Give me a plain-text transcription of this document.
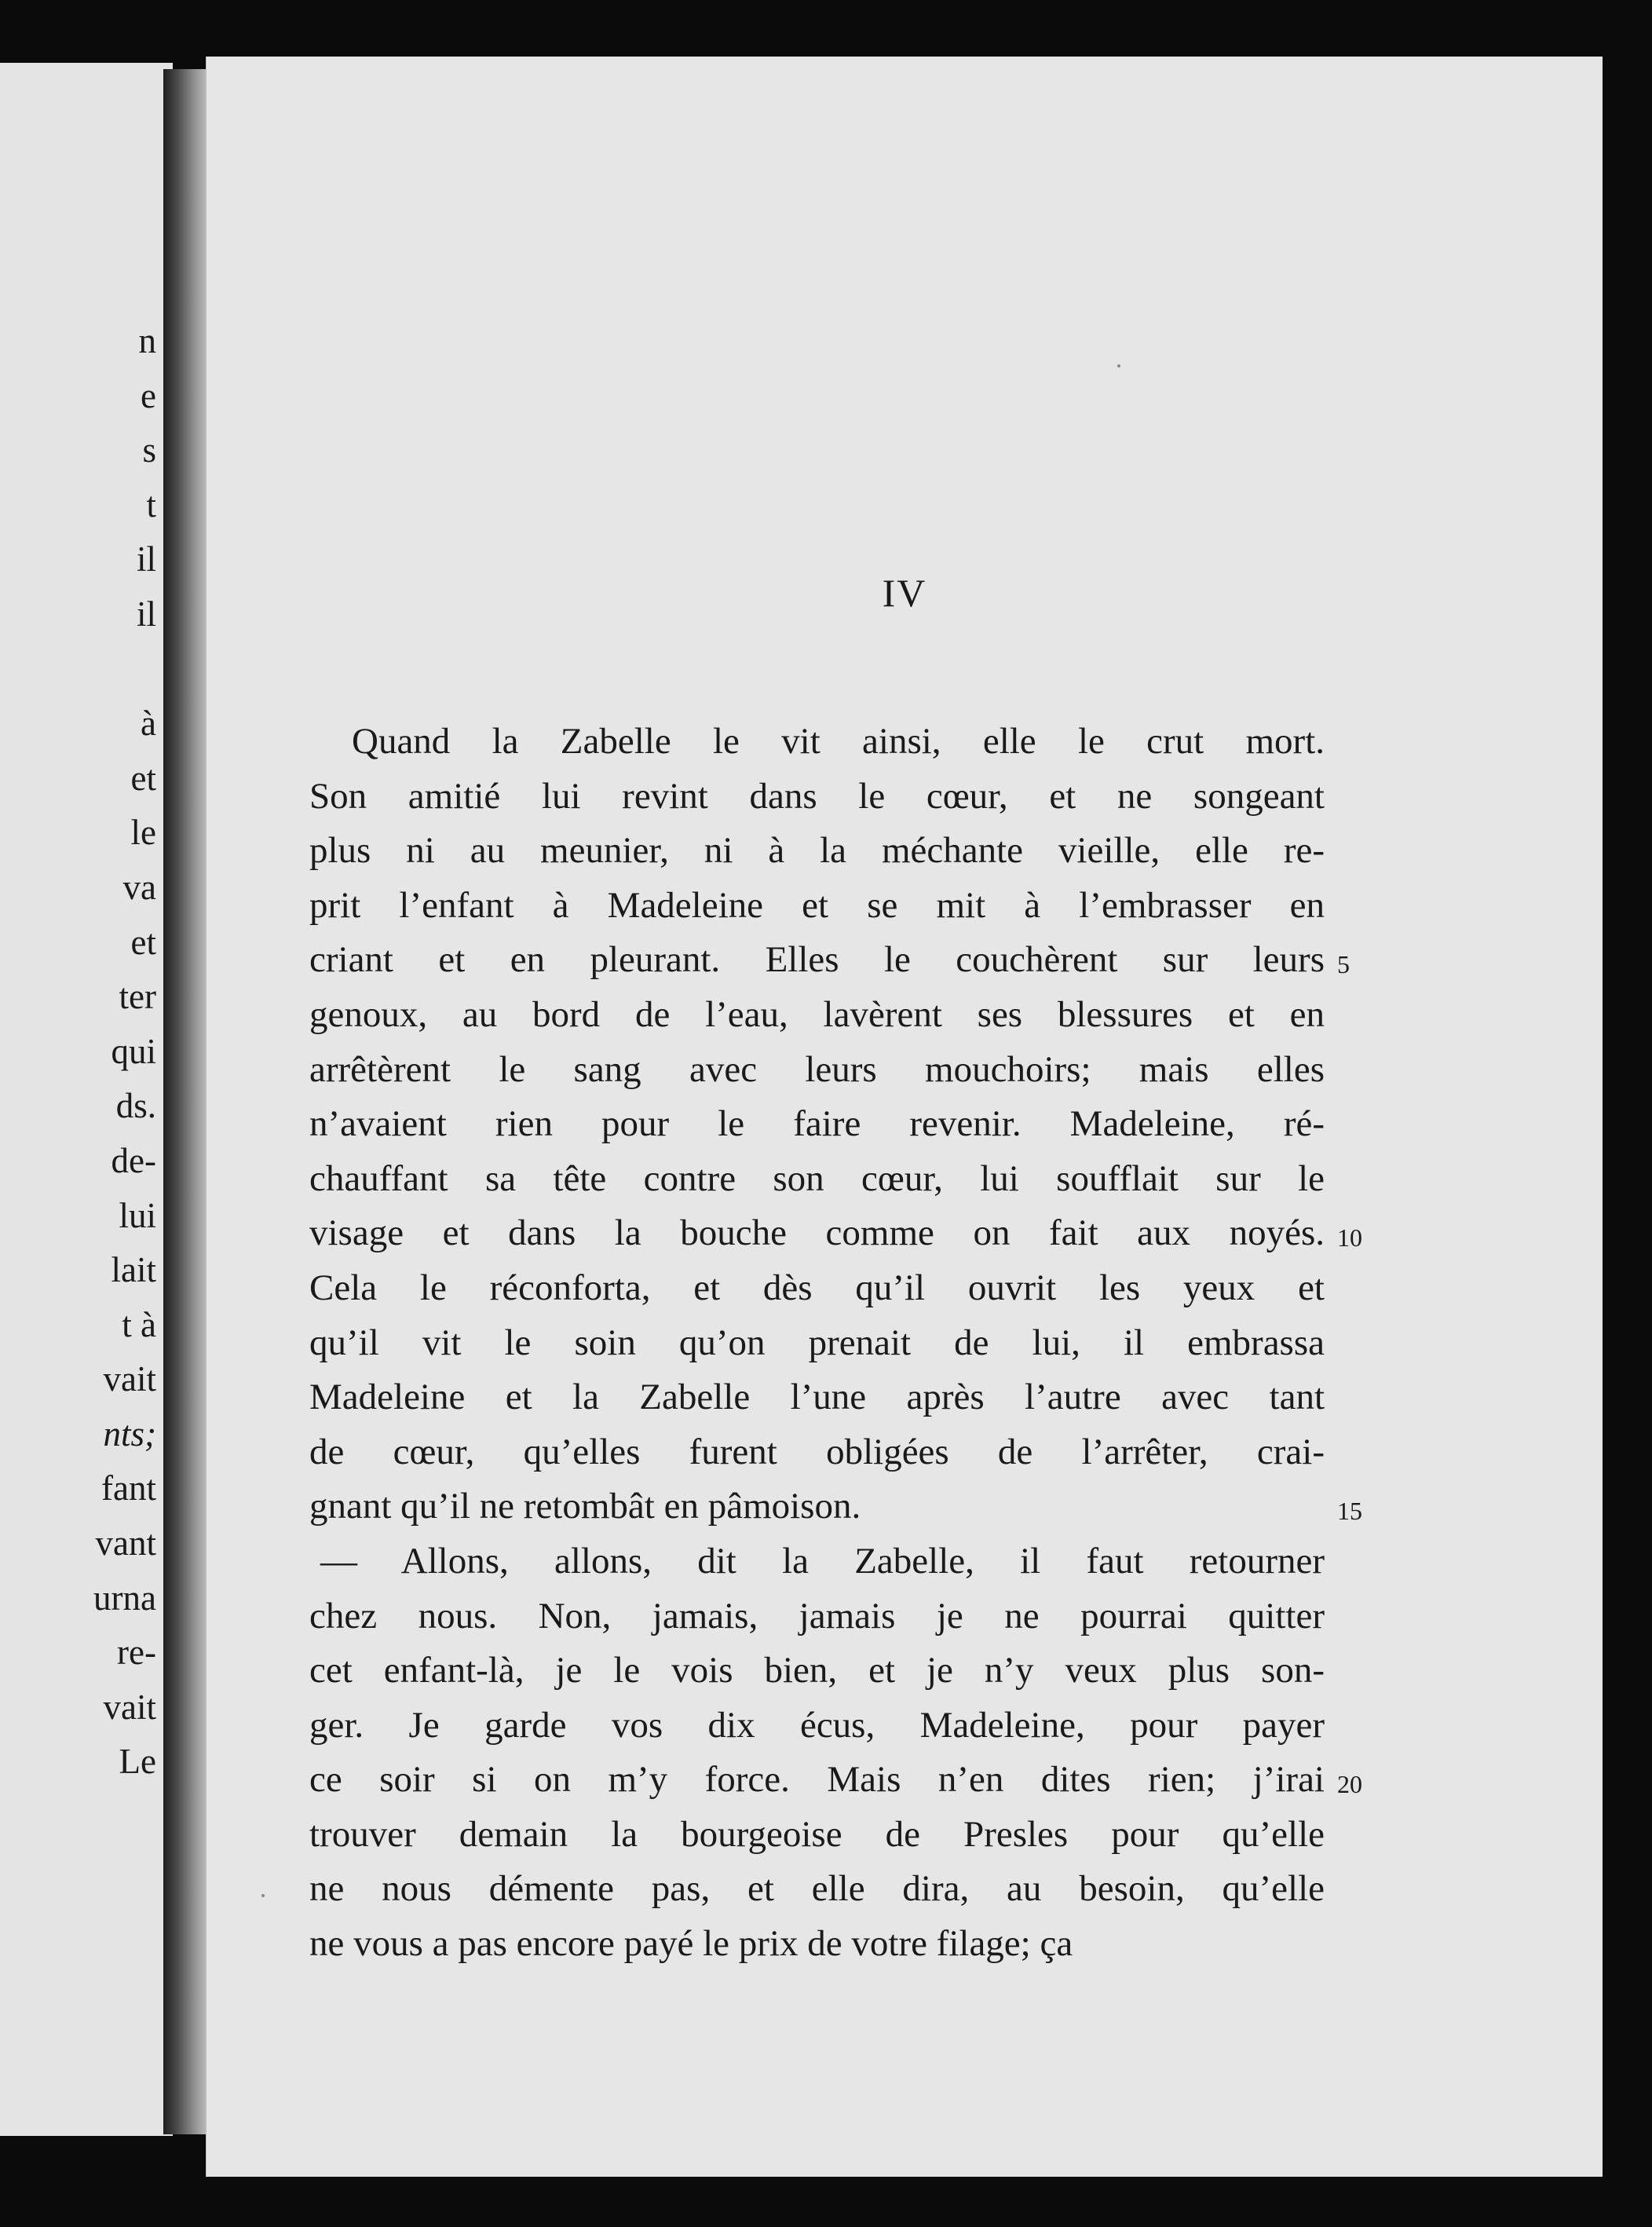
n
e
s
t
il
il
à
et
le
va
et
ter
qui
ds.
de-
lui
lait
t à
vait
nts;
fant
vant
urna
re-
vait
Le
IV
Quand la Zabelle le vit ainsi, elle le crut mort.
Son amitié lui revint dans le cœur, et ne songeant
plus ni au meunier, ni à la méchante vieille, elle re-
prit l’enfant à Madeleine et se mit à l’embrasser en
criant et en pleurant. Elles le couchèrent sur leurs
genoux, au bord de l’eau, lavèrent ses blessures et en
arrêtèrent le sang avec leurs mouchoirs; mais elles
n’avaient rien pour le faire revenir. Madeleine, ré-
chauffant sa tête contre son cœur, lui soufflait sur le
visage et dans la bouche comme on fait aux noyés.
Cela le réconforta, et dès qu’il ouvrit les yeux et
qu’il vit le soin qu’on prenait de lui, il embrassa
Madeleine et la Zabelle l’une après l’autre avec tant
de cœur, qu’elles furent obligées de l’arrêter, crai-
gnant qu’il ne retombât en pâmoison.
— Allons, allons, dit la Zabelle, il faut retourner
chez nous. Non, jamais, jamais je ne pourrai quitter
cet enfant-là, je le vois bien, et je n’y veux plus son-
ger. Je garde vos dix écus, Madeleine, pour payer
ce soir si on m’y force. Mais n’en dites rien; j’irai
trouver demain la bourgeoise de Presles pour qu’elle
ne nous démente pas, et elle dira, au besoin, qu’elle
ne vous a pas encore payé le prix de votre filage; ça
5
10
15
20
